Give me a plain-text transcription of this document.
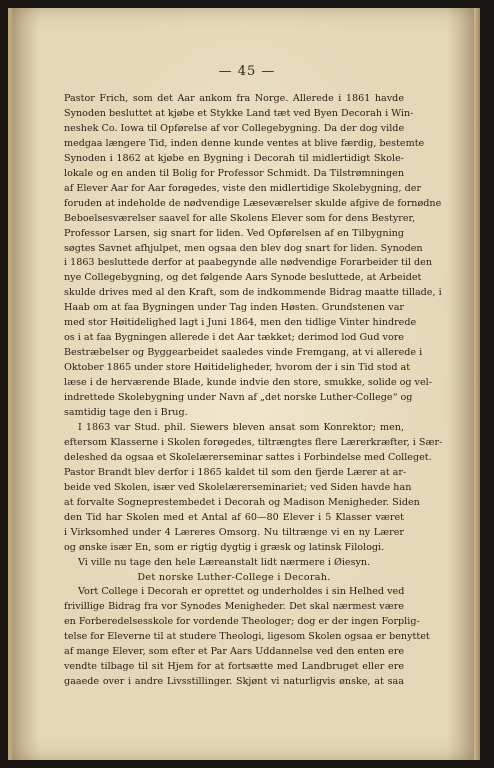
— 45 —
Pastor Frich, som det Aar ankom fra Norge. Allerede i 1861 havde
Synoden besluttet at kjøbe et Stykke Land tæt ved Byen Decorah i Win-
neshek Co. Iowa til Opførelse af vor Collegebygning. Da der dog vilde
medgaa længere Tid, inden denne kunde ventes at blive færdig, bestemte
Synoden i 1862 at kjøbe en Bygning i Decorah til midlertidigt Skole-
lokale og en anden til Bolig for Professor Schmidt. Da Tilstrømningen
af Elever Aar for Aar forøgedes, viste den midlertidige Skolebygning, der
foruden at indeholde de nødvendige Læseværelser skulde afgive de fornødne
Beboelsesværelser saavel for alle Skolens Elever som for dens Bestyrer,
Professor Larsen, sig snart for liden. Ved Opførelsen af en Tilbygning
søgtes Savnet afhjulpet, men ogsaa den blev dog snart for liden. Synoden
i 1863 besluttede derfor at paabegynde alle nødvendige Forarbeider til den
nye Collegebygning, og det følgende Aars Synode besluttede, at Arbeidet
skulde drives med al den Kraft, som de indkommende Bidrag maatte tillade, i
Haab om at faa Bygningen under Tag inden Høsten. Grundstenen var
med stor Høitidelighed lagt i Juni 1864, men den tidlige Vinter hindrede
os i at faa Bygningen allerede i det Aar tækket; derimod lod Gud vore
Bestræbelser og Byggearbeidet saaledes vinde Fremgang, at vi allerede i
Oktober 1865 under store Høitideligheder, hvorom der i sin Tid stod at
læse i de herværende Blade, kunde indvie den store, smukke, solide og vel-
indrettede Skolebygning under Navn af „det norske Luther-College“ og
samtidig tage den i Brug.
I 1863 var Stud. phil. Siewers bleven ansat som Konrektor; men,
eftersom Klasserne i Skolen forøgedes, tiltrængtes flere Lærerkræfter, i Sær-
deleshed da ogsaa et Skolelærerseminar sattes i Forbindelse med Colleget.
Pastor Brandt blev derfor i 1865 kaldet til som den fjerde Lærer at ar-
beide ved Skolen, især ved Skolelærerseminariet; ved Siden havde han
at forvalte Sogneprestembedet i Decorah og Madison Menigheder. Siden
den Tid har Skolen med et Antal af 60—80 Elever i 5 Klasser været
i Virksomhed under 4 Læreres Omsorg. Nu tiltrænge vi en ny Lærer
og ønske især En, som er rigtig dygtig i græsk og latinsk Filologi.
Vi ville nu tage den hele Læreanstalt lidt nærmere i Øiesyn.
Det norske Luther-College i Decorah.
Vort College i Decorah er oprettet og underholdes i sin Helhed ved
frivillige Bidrag fra vor Synodes Menigheder. Det skal nærmest være
en Forberedelsesskole for vordende Theologer; dog er der ingen Forplig-
telse for Eleverne til at studere Theologi, ligesom Skolen ogsaa er benyttet
af mange Elever, som efter et Par Aars Uddannelse ved den enten ere
vendte tilbage til sit Hjem for at fortsætte med Landbruget eller ere
gaaede over i andre Livsstillinger. Skjønt vi naturligvis ønske, at saa
